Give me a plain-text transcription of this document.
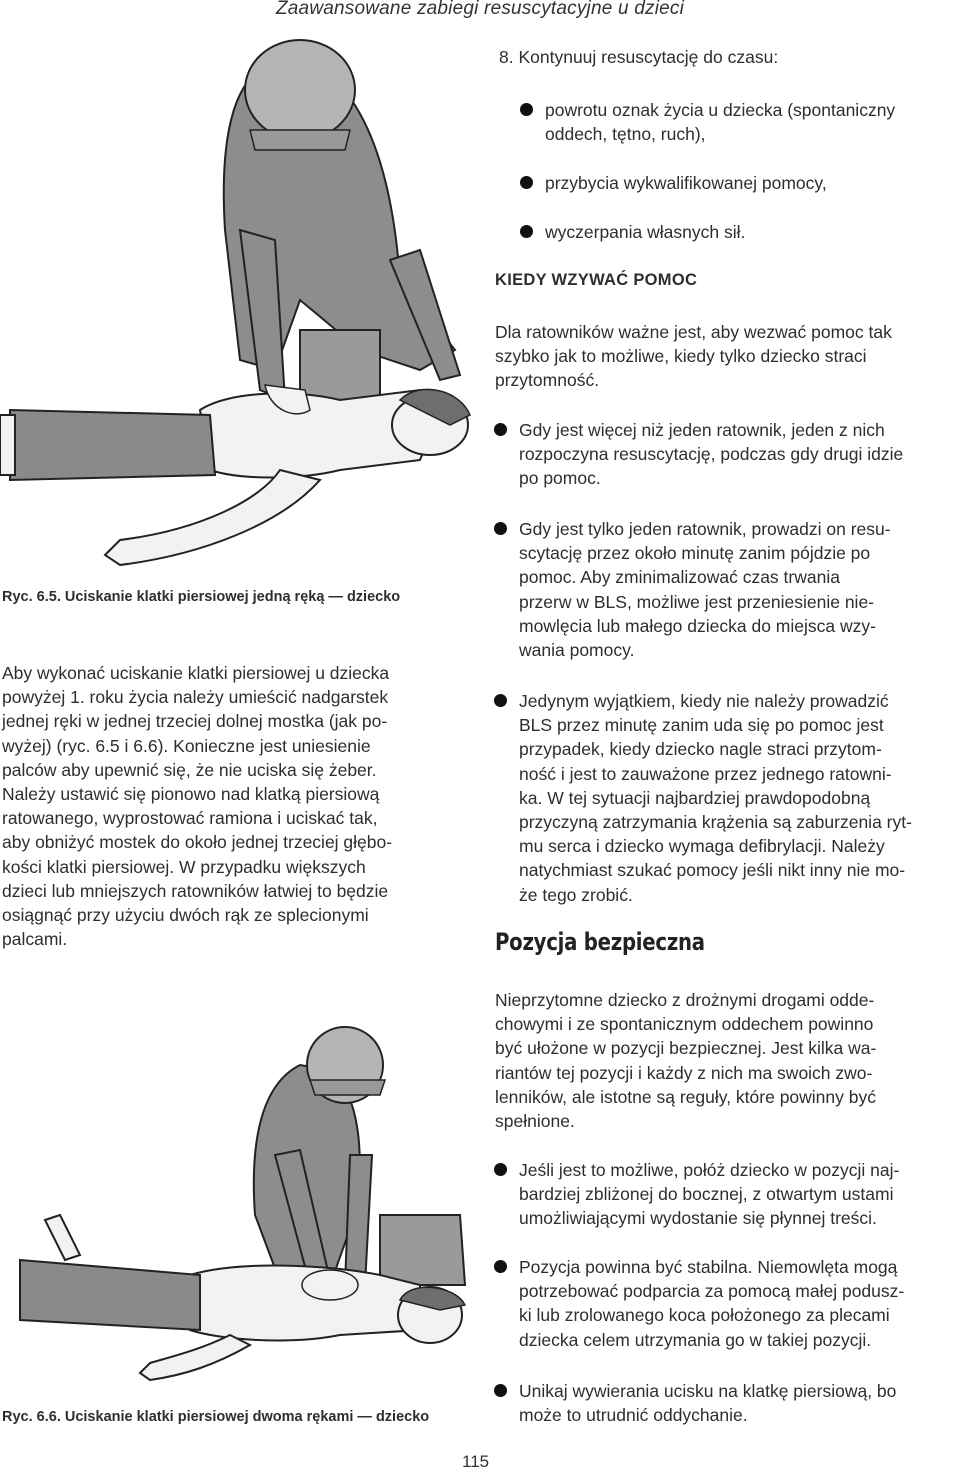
Zaawansowane zabiegi resuscytacyjne u dzieci
Ryc. 6.5. Uciskanie klatki piersiowej jedną ręką — dziecko
Aby wykonać uciskanie klatki piersiowej u dziecka
powyżej 1. roku życia należy umieścić nadgarstek
jednej ręki w jednej trzeciej dolnej mostka (jak po-
wyżej) (ryc. 6.5 i 6.6). Konieczne jest uniesienie
palców aby upewnić się, że nie uciska się żeber.
Należy ustawić się pionowo nad klatką piersiową
ratowanego, wyprostować ramiona i uciskać tak,
aby obniżyć mostek do około jednej trzeciej głębo-
kości klatki piersiowej. W przypadku większych
dzieci lub mniejszych ratowników łatwiej to będzie
osiągnąć przy użyciu dwóch rąk ze splecionymi
palcami.
Ryc. 6.6. Uciskanie klatki piersiowej dwoma rękami — dziecko
8. Kontynuuj resuscytację do czasu:
powrotu oznak życia u dziecka (spontaniczny
oddech, tętno, ruch),
przybycia wykwalifikowanej pomocy,
wyczerpania własnych sił.
KIEDY WZYWAĆ POMOC
Dla ratowników ważne jest, aby wezwać pomoc tak
szybko jak to możliwe, kiedy tylko dziecko straci
przytomność.
Gdy jest więcej niż jeden ratownik, jeden z nich
rozpoczyna resuscytację, podczas gdy drugi idzie
po pomoc.
Gdy jest tylko jeden ratownik, prowadzi on resu-
scytację przez około minutę zanim pójdzie po
pomoc. Aby zminimalizować czas trwania
przerw w BLS, możliwe jest przeniesienie nie-
mowlęcia lub małego dziecka do miejsca wzy-
wania pomocy.
Jedynym wyjątkiem, kiedy nie należy prowadzić
BLS przez minutę zanim uda się po pomoc jest
przypadek, kiedy dziecko nagle straci przytom-
ność i jest to zauważone przez jednego ratowni-
ka. W tej sytuacji najbardziej prawdopodobną
przyczyną zatrzymania krążenia są zaburzenia ryt-
mu serca i dziecko wymaga defibrylacji. Należy
natychmiast szukać pomocy jeśli nikt inny nie mo-
że tego zrobić.
Pozycja bezpieczna
Nieprzytomne dziecko z drożnymi drogami odde-
chowymi i ze spontanicznym oddechem powinno
być ułożone w pozycji bezpiecznej. Jest kilka wa-
riantów tej pozycji i każdy z nich ma swoich zwo-
lenników, ale istotne są reguły, które powinny być
spełnione.
Jeśli jest to możliwe, połóż dziecko w pozycji naj-
bardziej zbliżonej do bocznej, z otwartym ustami
umożliwiającymi wydostanie się płynnej treści.
Pozycja powinna być stabilna. Niemowlęta mogą
potrzebować podparcia za pomocą małej podusz-
ki lub zrolowanego koca położonego za plecami
dziecka celem utrzymania go w takiej pozycji.
Unikaj wywierania ucisku na klatkę piersiową, bo
może to utrudnić oddychanie.
115
